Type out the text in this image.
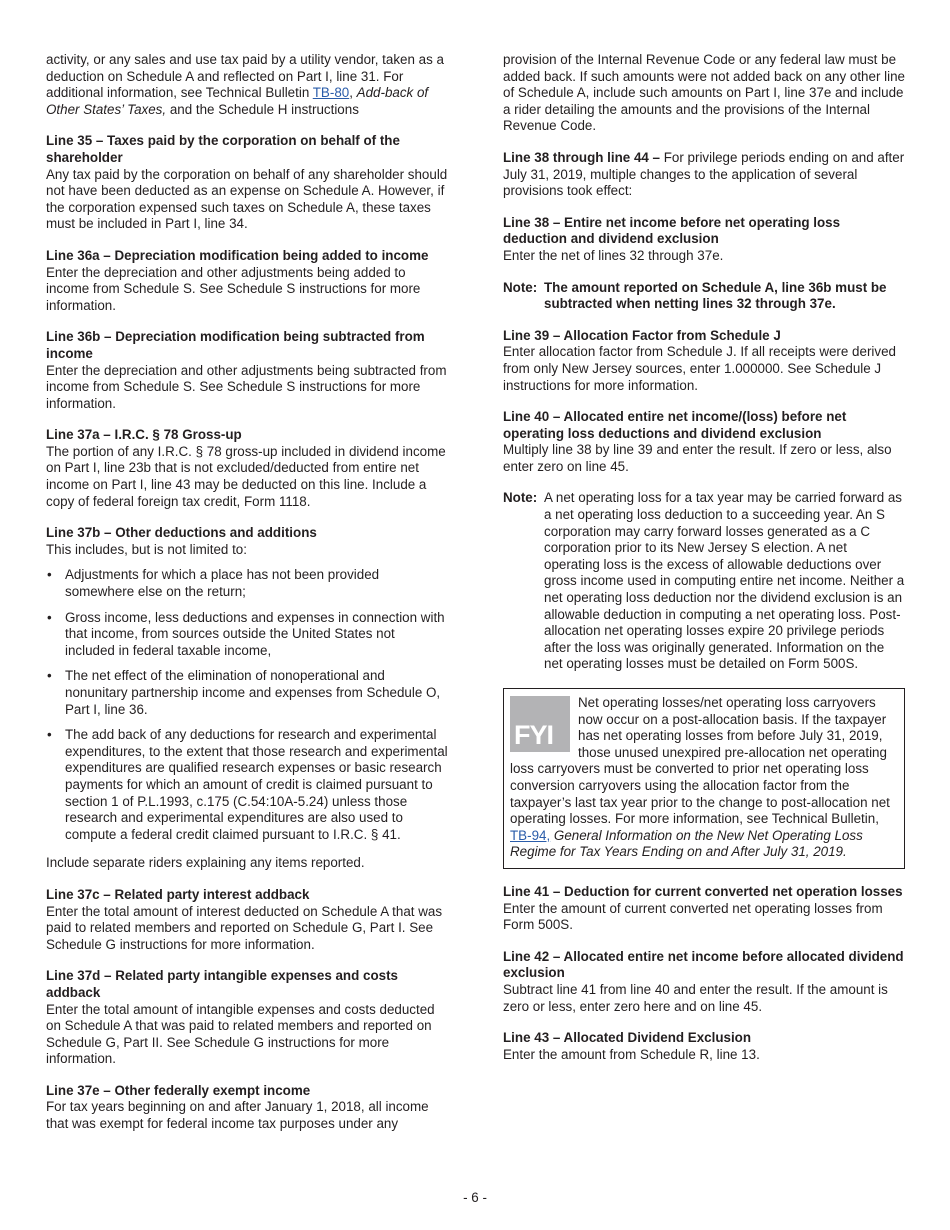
activity, or any sales and use tax paid by a utility vendor, taken as a deduction on Schedule A and reflected on Part I, line 31. For additional information, see Technical Bulletin TB-80, Add-back of Other States’ Taxes, and the Schedule H instructions

Line 35 – Taxes paid by the corporation on behalf of the shareholder

Any tax paid by the corporation on behalf of any shareholder should not have been deducted as an expense on Schedule A. However, if the corporation expensed such taxes on Schedule A, these taxes must be included in Part I, line 34.

Line 36a – Depreciation modification being added to income

Enter the depreciation and other adjustments being added to income from Schedule S. See Schedule S instructions for more information.

Line 36b – Depreciation modification being subtracted from income

Enter the depreciation and other adjustments being subtracted from income from Schedule S. See Schedule S instructions for more information.

Line 37a – I.R.C. § 78 Gross-up

The portion of any I.R.C. § 78 gross-up included in dividend income on Part I, line 23b that is not excluded/deducted from entire net income on Part I, line 43 may be deducted on this line. Include a copy of federal foreign tax credit, Form 1118.

Line 37b – Other deductions and additions

This includes, but is not limited to:

• Adjustments for which a place has not been provided somewhere else on the return;
• Gross income, less deductions and expenses in connection with that income, from sources outside the United States not included in federal taxable income,
• The net effect of the elimination of nonoperational and nonunitary partnership income and expenses from Schedule O, Part I, line 36.
• The add back of any deductions for research and experimental expenditures, to the extent that those research and experimental expenditures are qualified research expenses or basic research payments for which an amount of credit is claimed pursuant to section 1 of P.L.1993, c.175 (C.54:10A-5.24) unless those research and experimental expenditures are also used to compute a federal credit claimed pursuant to I.R.C. § 41.

Include separate riders explaining any items reported.

Line 37c – Related party interest addback

Enter the total amount of interest deducted on Schedule A that was paid to related members and reported on Schedule G, Part I. See Schedule G instructions for more information.

Line 37d – Related party intangible expenses and costs addback

Enter the total amount of intangible expenses and costs deducted on Schedule A that was paid to related members and reported on Schedule G, Part II. See Schedule G instructions for more information.

Line 37e – Other federally exempt income

For tax years beginning on and after January 1, 2018, all income that was exempt for federal income tax purposes under any

provision of the Internal Revenue Code or any federal law must be added back. If such amounts were not added back on any other line of Schedule A, include such amounts on Part I, line 37e and include a rider detailing the amounts and the provisions of the Internal Revenue Code.

Line 38 through line 44 – For privilege periods ending on and after July 31, 2019, multiple changes to the application of several provisions took effect:

Line 38 – Entire net income before net operating loss deduction and dividend exclusion

Enter the net of lines 32 through 37e.

Note: The amount reported on Schedule A, line 36b must be subtracted when netting lines 32 through 37e.

Line 39 – Allocation Factor from Schedule J

Enter allocation factor from Schedule J. If all receipts were derived from only New Jersey sources, enter 1.000000. See Schedule J instructions for more information.

Line 40 – Allocated entire net income/(loss) before net operating loss deductions and dividend exclusion

Multiply line 38 by line 39 and enter the result. If zero or less, also enter zero on line 45.

Note: A net operating loss for a tax year may be carried forward as a net operating loss deduction to a succeeding year. An S corporation may carry forward losses generated as a C corporation prior to its New Jersey S election. A net operating loss is the excess of allowable deductions over gross income used in computing entire net income. Neither a net operating loss deduction nor the dividend exclusion is an allowable deduction in computing a net operating loss. Post-allocation net operating losses expire 20 privilege periods after the loss was originally generated. Information on the net operating losses must be detailed on Form 500S.
FYI

Net operating losses/net operating loss carryovers now occur on a post-allocation basis. If the taxpayer has net operating losses from before July 31, 2019, those unused unexpired pre-allocation net operating loss carryovers must be converted to prior net operating loss conversion carryovers using the allocation factor from the taxpayer’s last tax year prior to the change to post-allocation net operating losses. For more information, see Technical Bulletin, TB-94, General Information on the New Net Operating Loss Regime for Tax Years Ending on and After July 31, 2019.

Line 41 – Deduction for current converted net operation losses

Enter the amount of current converted net operating losses from Form 500S.

Line 42 – Allocated entire net income before allocated dividend exclusion

Subtract line 41 from line 40 and enter the result. If the amount is zero or less, enter zero here and on line 45.

Line 43 – Allocated Dividend Exclusion

Enter the amount from Schedule R, line 13.

- 6 -
